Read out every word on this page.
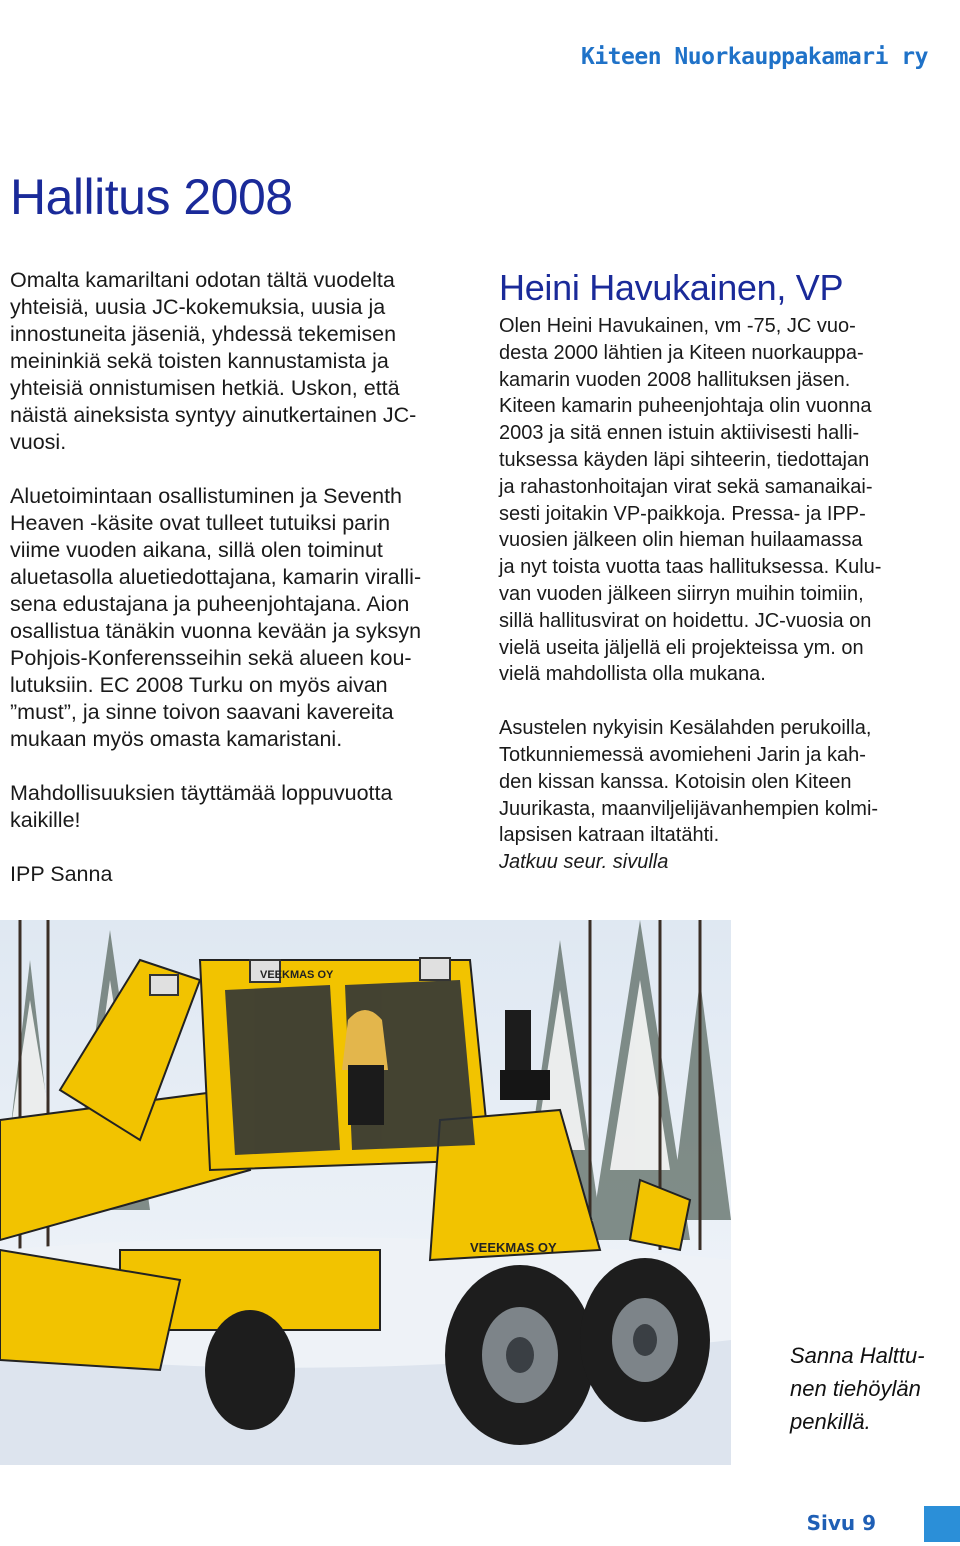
Kiteen Nuorkauppakamari ry
Hallitus 2008

Omalta kamariltani odotan tältä vuodelta
yhteisiä, uusia JC-kokemuksia, uusia ja
innostuneita jäseniä, yhdessä tekemisen
meininkiä sekä toisten kannustamista ja
yhteisiä onnistumisen hetkiä. Uskon, että
näistä aineksista syntyy ainutkertainen JC-
vuosi.

Aluetoimintaan osallistuminen ja Seventh
Heaven -käsite ovat tulleet tutuiksi parin
viime vuoden aikana, sillä olen toiminut
aluetasolla aluetiedottajana, kamarin viralli-
sena edustajana ja puheenjohtajana. Aion
osallistua tänäkin vuonna kevään ja syksyn
Pohjois-Konferensseihin sekä alueen kou-
lutuksiin. EC 2008 Turku on myös aivan
”must”, ja sinne toivon saavani kavereita
mukaan myös omasta kamaristani.

Mahdollisuuksien täyttämää loppuvuotta
kaikille!

IPP Sanna

Heini Havukainen, VP

Olen Heini Havukainen, vm -75, JC vuo-
desta 2000 lähtien ja Kiteen nuorkauppa-
kamarin vuoden 2008 hallituksen jäsen.
Kiteen kamarin puheenjohtaja olin vuonna
2003 ja sitä ennen istuin aktiivisesti halli-
tuksessa käyden läpi sihteerin, tiedottajan
ja rahastonhoitajan virat sekä samanaikai-
sesti joitakin VP-paikkoja. Pressa- ja IPP-
vuosien jälkeen olin hieman huilaamassa
ja nyt toista vuotta taas hallituksessa. Kulu-
van vuoden jälkeen siirryn muihin toimiin,
sillä hallitusvirat on hoidettu. JC-vuosia on
vielä useita jäljellä eli projekteissa ym. on
vielä mahdollista olla mukana.

Asustelen nykyisin Kesälahden perukoilla,
Totkunniemessä avomieheni Jarin ja kah-
den kissan kanssa. Kotoisin olen Kiteen
Juurikasta, maanviljelijävanhempien kolmi-
lapsisen katraan iltatähti.
Jatkuu seur. sivulla

VEEKMAS OY
VEEKMAS OY
Sanna Halttu-
nen tiehöylän
penkillä.
Sivu 9
